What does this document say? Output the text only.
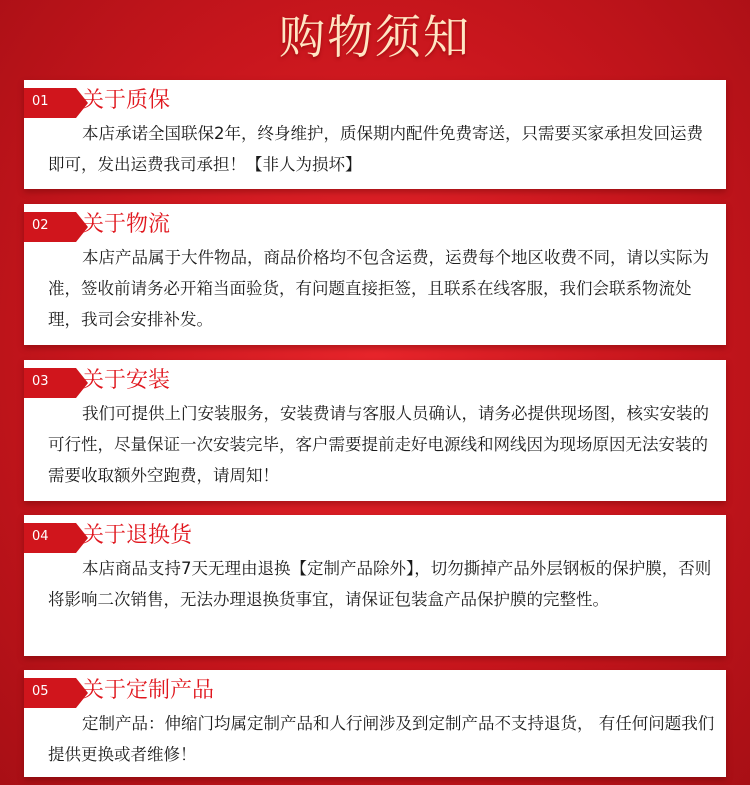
购物须知
01 关于质保

本店承诺全国联保2年，终身维护，质保期内配件免费寄送，只需要买家承担发回运费即可，发出运费我司承担！【非人为损坏】

02 关于物流

本店产品属于大件物品，商品价格均不包含运费，运费每个地区收费不同，请以实际为准，签收前请务必开箱当面验货，有问题直接拒签，且联系在线客服，我们会联系物流处理，我司会安排补发。

03 关于安装

我们可提供上门安装服务，安装费请与客服人员确认，请务必提供现场图，核实安装的可行性，尽量保证一次安装完毕，客户需要提前走好电源线和网线因为现场原因无法安装的需要收取额外空跑费，请周知！

04 关于退换货

本店商品支持7天无理由退换【定制产品除外】，切勿撕掉产品外层钢板的保护膜，否则将影响二次销售，无法办理退换货事宜，请保证包装盒产品保护膜的完整性。

05 关于定制产品

定制产品：伸缩门均属定制产品和人行闸涉及到定制产品不支持退货， 有任何问题我们提供更换或者维修！
